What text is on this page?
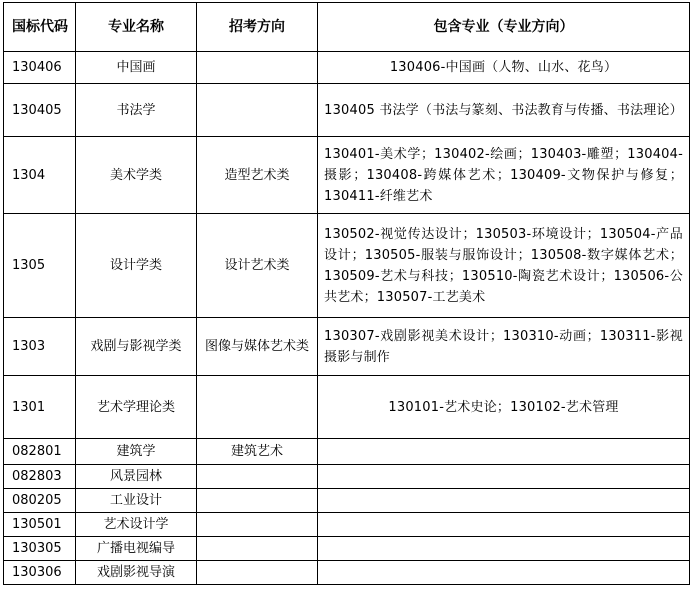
国标代码	专业名称	招考方向	包含专业（专业方向）
130406	中国画		130406-中国画（人物、山水、花鸟）
130405	书法学		130405 书法学（书法与篆刻、书法教育与传播、书法理论）
1304	美术学类	造型艺术类	130401-美术学；130402-绘画；130403-雕塑；130404-摄影；130408-跨媒体艺术；130409-文物保护与修复；130411-纤维艺术
1305	设计学类	设计艺术类	130502-视觉传达设计；130503-环境设计；130504-产品设计；130505-服装与服饰设计；130508-数字媒体艺术；130509-艺术与科技；130510-陶瓷艺术设计；130506-公共艺术；130507-工艺美术
1303	戏剧与影视学类	图像与媒体艺术类	130307-戏剧影视美术设计；130310-动画；130311-影视摄影与制作
1301	艺术学理论类		130101-艺术史论；130102-艺术管理
082801	建筑学	建筑艺术	
082803	风景园林		
080205	工业设计		
130501	艺术设计学		
130305	广播电视编导		
130306	戏剧影视导演		
